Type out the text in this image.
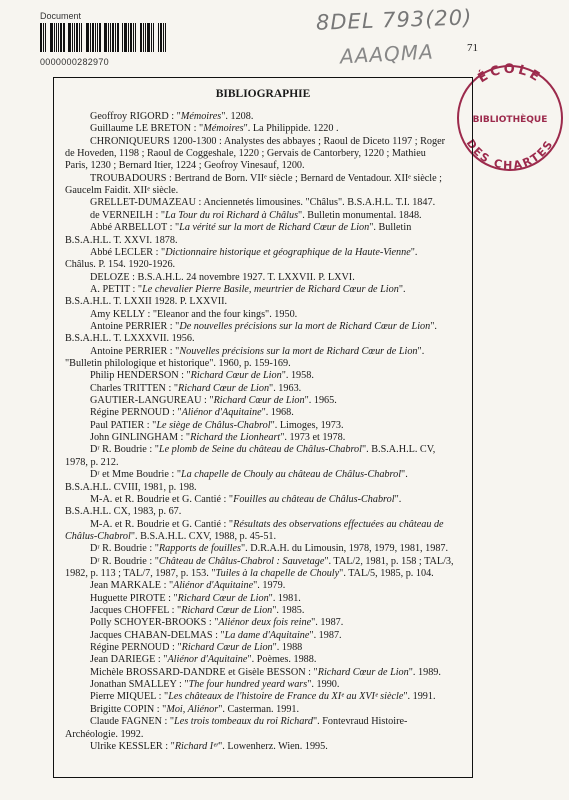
Document
0000000282970
8DEL 793(20)
AAAQMA	71
ÉCOLE
BIBLIOTHÈQUE
DES CHARTES
BIBLIOGRAPHIE
Geoffroy RIGORD : "Mémoires". 1208.
Guillaume LE BRETON : "Mémoires". La Philippide. 1220 .
CHRONIQUEURS 1200-1300 : Analystes des abbayes ; Raoul de Diceto 1197 ; Roger
de Hoveden, 1198 ; Raoul de Coggeshale, 1220 ; Gervais de Cantorbery, 1220 ; Mathieu
Paris, 1230 ; Bernard Itier, 1224 ; Geofroy Vinesauf, 1200.
TROUBADOURS : Bertrand de Born. VIIᵉ siècle ; Bernard de Ventadour. XIIᵉ siècle ;
Gaucelm Faidit. XIIᵉ siècle.
GRELLET-DUMAZEAU : Anciennetés limousines. "Châlus". B.S.A.H.L. T.I. 1847.
de VERNEILH : "La Tour du roi Richard à Châlus". Bulletin monumental. 1848.
Abbé ARBELLOT : "La vérité sur la mort de Richard Cœur de Lion". Bulletin
B.S.A.H.L. T. XXVI. 1878.
Abbé LECLER : "Dictionnaire historique et géographique de la Haute-Vienne".
Châlus. P. 154. 1920-1926.
DELOZE : B.S.A.H.L. 24 novembre 1927. T. LXXVII. P. LXVI.
A. PETIT : "Le chevalier Pierre Basile, meurtrier de Richard Cœur de Lion".
B.S.A.H.L. T. LXXII 1928. P. LXXVII.
Amy KELLY : "Eleanor and the four kings". 1950.
Antoine PERRIER : "De nouvelles précisions sur la mort de Richard Cœur de Lion".
B.S.A.H.L. T. LXXXVII. 1956.
Antoine PERRIER : "Nouvelles précisions sur la mort de Richard Cœur de Lion".
"Bulletin philologique et historique". 1960, p. 159-169.
Philip HENDERSON : "Richard Cœur de Lion". 1958.
Charles TRITTEN : "Richard Cœur de Lion". 1963.
GAUTIER-LANGUREAU : "Richard Cœur de Lion". 1965.
Régine PERNOUD : "Aliénor d'Aquitaine". 1968.
Paul PATIER : "Le siège de Châlus-Chabrol". Limoges, 1973.
John GINLINGHAM : "Richard the Lionheart". 1973 et 1978.
Dʳ R. Boudrie : "Le plomb de Seine du château de Châlus-Chabrol". B.S.A.H.L. CV,
1978, p. 212.
Dʳ et Mme Boudrie : "La chapelle de Chouly au château de Châlus-Chabrol".
B.S.A.H.L. CVIII, 1981, p. 198.
M-A. et R. Boudrie et G. Cantié : "Fouilles au château de Châlus-Chabrol".
B.S.A.H.L. CX, 1983, p. 67.
M-A. et R. Boudrie et G. Cantié : "Résultats des observations effectuées au château de
Châlus-Chabrol". B.S.A.H.L. CXV, 1988, p. 45-51.
Dʳ R. Boudrie : "Rapports de fouilles". D.R.A.H. du Limousin, 1978, 1979, 1981, 1987.
Dʳ R. Boudrie : "Château de Châlus-Chabrol : Sauvetage". TAL/2, 1981, p. 158 ; TAL/3,
1982, p. 113 ; TAL/7, 1987, p. 153. "Tuiles à la chapelle de Chouly". TAL/5, 1985, p. 104.
Jean MARKALE : "Aliénor d'Aquitaine". 1979.
Huguette PIROTE : "Richard Cœur de Lion". 1981.
Jacques CHOFFEL : "Richard Cœur de Lion". 1985.
Polly SCHOYER-BROOKS : "Aliénor deux fois reine". 1987.
Jacques CHABAN-DELMAS : "La dame d'Aquitaine". 1987.
Régine PERNOUD : "Richard Cœur de Lion". 1988
Jean DARIEGE : "Aliénor d'Aquitaine". Poèmes. 1988.
Michèle BROSSARD-DANDRE et Gisèle BESSON : "Richard Cœur de Lion". 1989.
Jonathan SMALLEY : "The four hundred yeard wars". 1990.
Pierre MIQUEL : "Les châteaux de l'histoire de France du XIᵉ au XVIᵉ siècle". 1991.
Brigitte COPIN : "Moi, Aliénor". Casterman. 1991.
Claude FAGNEN : "Les trois tombeaux du roi Richard". Fontevraud Histoire-
Archéologie. 1992.
Ulrike KESSLER : "Richard Iᵉʳ". Lowenherz. Wien. 1995.
